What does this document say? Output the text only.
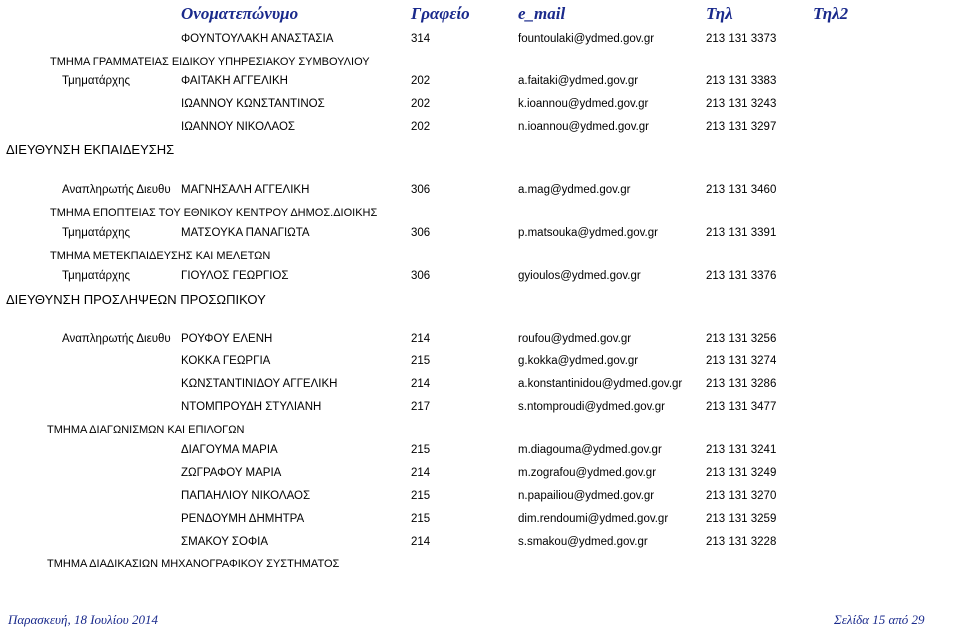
Ονοματεπώνυμο	Γραφείο	e_mail	Τηλ	Τηλ2
ΤΜΗΜΑ ΓΡΑΜΜΑΤΕΙΑΣ ΕΙΔΙΚΟΥ ΥΠΗΡΕΣΙΑΚΟΥ ΣΥΜΒΟΥΛΙΟΥ
ΔΙΕΥΘΥΝΣΗ ΕΚΠΑΙΔΕΥΣΗΣ
ΤΜΗΜΑ ΕΠΟΠΤΕΙΑΣ ΤΟΥ ΕΘΝΙΚΟΥ ΚΕΝΤΡΟΥ ΔΗΜΟΣ.ΔΙΟΙΚΗΣ
ΤΜΗΜΑ ΜΕΤΕΚΠΑΙΔΕΥΣΗΣ ΚΑΙ ΜΕΛΕΤΩΝ
ΔΙΕΥΘΥΝΣΗ ΠΡΟΣΛΗΨΕΩΝ ΠΡΟΣΩΠΙΚΟΥ
ΤΜΗΜΑ ΔΙΑΓΩΝΙΣΜΩΝ ΚΑΙ ΕΠΙΛΟΓΩΝ
ΤΜΗΜΑ ΔΙΑΔΙΚΑΣΙΩΝ ΜΗΧΑΝΟΓΡΑΦΙΚΟΥ ΣΥΣΤΗΜΑΤΟΣ
ΦΟΥΝΤΟΥΛΑΚΗ ΑΝΑΣΤΑΣΙΑ	314	fountoulaki@ydmed.gov.gr	213 131 3373
Τμηματάρχης	ΦΑΙΤΑΚΗ ΑΓΓΕΛΙΚΗ	202	a.faitaki@ydmed.gov.gr	213 131 3383
ΙΩΑΝΝΟΥ ΚΩΝΣΤΑΝΤΙΝΟΣ	202	k.ioannou@ydmed.gov.gr	213 131 3243
ΙΩΑΝΝΟΥ ΝΙΚΟΛΑΟΣ	202	n.ioannou@ydmed.gov.gr	213 131 3297
Αναπληρωτής Διευθυ ΜΑΓΝΗΣΑΛΗ ΑΓΓΕΛΙΚΗ	306	a.mag@ydmed.gov.gr	213 131 3460
Τμηματάρχης	ΜΑΤΣΟΥΚΑ ΠΑΝΑΓΙΩΤΑ	306	p.matsouka@ydmed.gov.gr	213 131 3391
Τμηματάρχης	ΓΙΟΥΛΟΣ ΓΕΩΡΓΙΟΣ	306	gyioulos@ydmed.gov.gr	213 131 3376
Αναπληρωτής Διευθυ ΡΟΥΦΟΥ ΕΛΕΝΗ	214	roufou@ydmed.gov.gr	213 131 3256
ΚΟΚΚΑ ΓΕΩΡΓΙΑ	215	g.kokka@ydmed.gov.gr	213 131 3274
ΚΩΝΣΤΑΝΤΙΝΙΔΟΥ ΑΓΓΕΛΙΚΗ	214	a.konstantinidou@ydmed.gov.gr 213 131 3286
ΝΤΟΜΠΡΟΥΔΗ ΣΤΥΛΙΑΝΗ	217	s.ntomproudi@ydmed.gov.gr	213 131 3477
ΔΙΑΓΟΥΜΑ ΜΑΡΙΑ	215	m.diagouma@ydmed.gov.gr	213 131 3241
ΖΩΓΡΑΦΟΥ ΜΑΡΙΑ	214	m.zografou@ydmed.gov.gr	213 131 3249
ΠΑΠΑΗΛΙΟΥ ΝΙΚΟΛΑΟΣ	215	n.papailiou@ydmed.gov.gr	213 131 3270
ΡΕΝΔΟΥΜΗ ΔΗΜΗΤΡΑ	215	dim.rendoumi@ydmed.gov.gr	213 131 3259
ΣΜΑΚΟΥ ΣΟΦΙΑ	214	s.smakou@ydmed.gov.gr	213 131 3228
Παρασκευή, 18 Ιουλίου 2014	Σελίδα 15 από 29
